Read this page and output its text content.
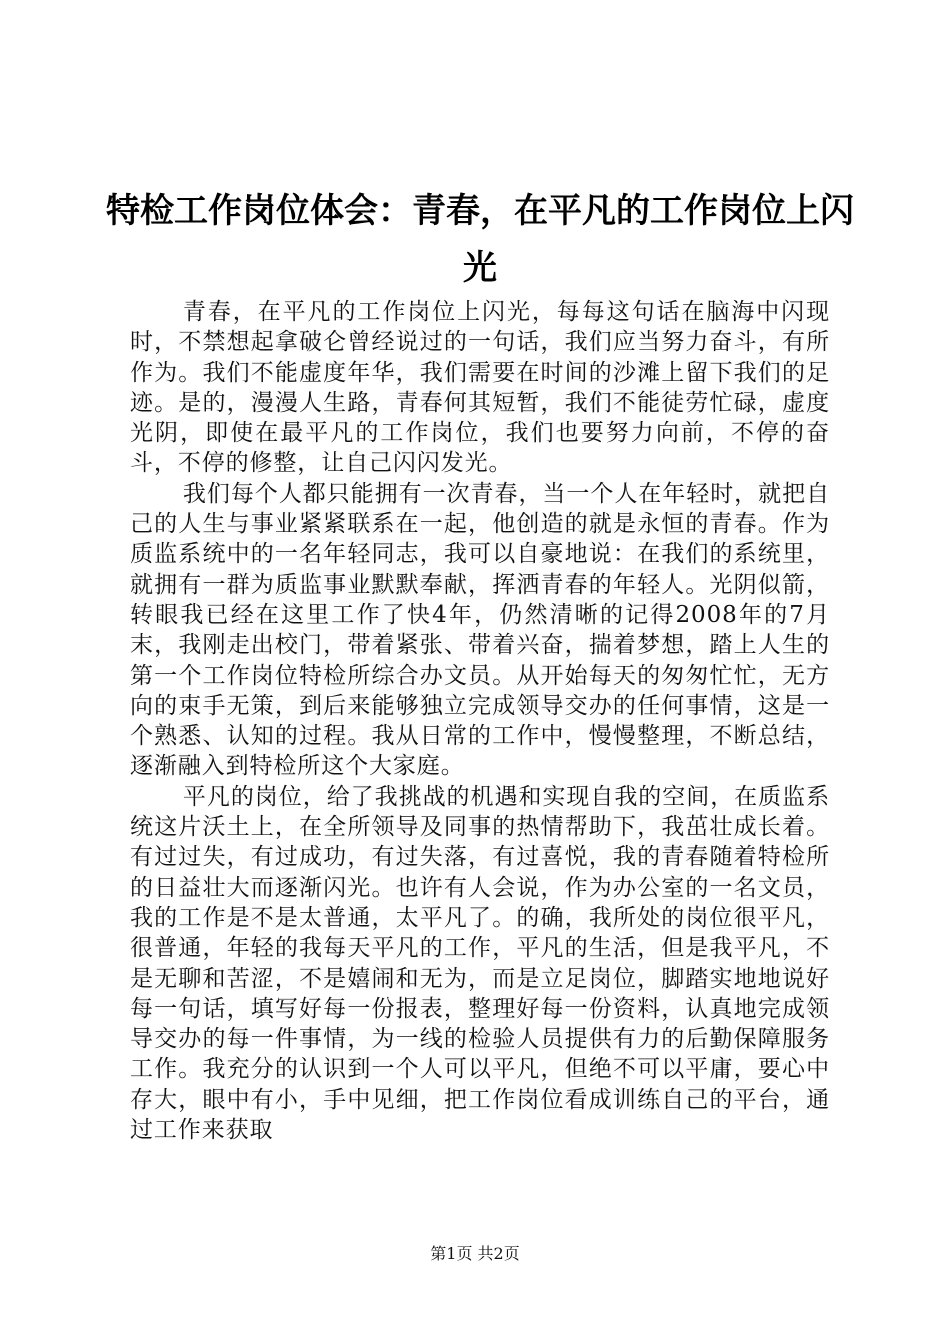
特检工作岗位体会：青春，在平凡的工作岗位上闪光

青春，在平凡的工作岗位上闪光，每每这句话在脑海中闪现时，不禁想起拿破仑曾经说过的一句话，我们应当努力奋斗，有所作为。我们不能虚度年华，我们需要在时间的沙滩上留下我们的足迹。是的，漫漫人生路，青春何其短暂，我们不能徒劳忙碌，虚度光阴，即使在最平凡的工作岗位，我们也要努力向前，不停的奋斗，不停的修整，让自己闪闪发光。

我们每个人都只能拥有一次青春，当一个人在年轻时，就把自己的人生与事业紧紧联系在一起，他创造的就是永恒的青春。作为质监系统中的一名年轻同志，我可以自豪地说：在我们的系统里，就拥有一群为质监事业默默奉献，挥洒青春的年轻人。光阴似箭，转眼我已经在这里工作了快4年，仍然清晰的记得2008年的7月末，我刚走出校门，带着紧张、带着兴奋，揣着梦想，踏上人生的第一个工作岗位特检所综合办文员。从开始每天的匆匆忙忙，无方向的束手无策，到后来能够独立完成领导交办的任何事情，这是一个熟悉、认知的过程。我从日常的工作中，慢慢整理，不断总结，逐渐融入到特检所这个大家庭。

平凡的岗位，给了我挑战的机遇和实现自我的空间，在质监系统这片沃土上，在全所领导及同事的热情帮助下，我茁壮成长着。有过过失，有过成功，有过失落，有过喜悦，我的青春随着特检所的日益壮大而逐渐闪光。也许有人会说，作为办公室的一名文员，我的工作是不是太普通，太平凡了。的确，我所处的岗位很平凡，很普通，年轻的我每天平凡的工作，平凡的生活，但是我平凡，不是无聊和苦涩，不是嬉闹和无为，而是立足岗位，脚踏实地地说好每一句话，填写好每一份报表，整理好每一份资料，认真地完成领导交办的每一件事情，为一线的检验人员提供有力的后勤保障服务工作。我充分的认识到一个人可以平凡，但绝不可以平庸，要心中存大，眼中有小，手中见细，把工作岗位看成训练自己的平台，通过工作来获取

第1页 共2页
